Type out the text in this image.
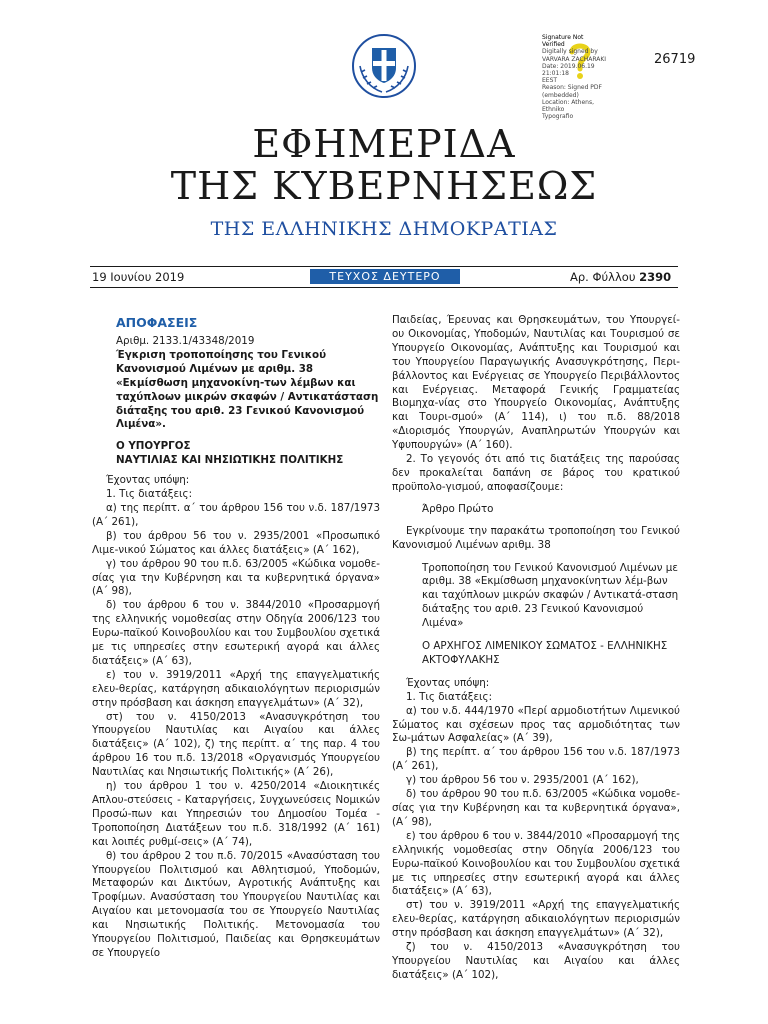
Signature Not
Verified
Digitally signed by
VARVARA ZACHARAKI
Date: 2019.06.19 21:01:18
EEST
Reason: Signed PDF
(embedded)
Location: Athens, Ethniko
Typografio
26719
ΕΦΗΜΕΡΙΔΑ
ΤΗΣ ΚΥΒΕΡΝΗΣΕΩΣ
ΤΗΣ ΕΛΛΗΝΙΚΗΣ ΔΗΜΟΚΡΑΤΙΑΣ
19 Ιουνίου 2019	ΤΕΥΧΟΣ ΔΕΥΤΕΡΟ	Αρ. Φύλλου 2390

ΑΠΟΦΑΣΕΙΣ

Αριθμ. 2133.1/43348/2019

Έγκριση τροποποίησης του Γενικού Κανονισμού Λιμένων με αριθμ. 38 «Εκμίσθωση μηχανοκίνη-των λέμβων και ταχύπλοων μικρών σκαφών / Αντικατάσταση διάταξης του αριθ. 23 Γενικού Κανονισμού Λιμένα».

Ο ΥΠΟΥΡΓΟΣ

ΝΑΥΤΙΛΙΑΣ ΚΑΙ ΝΗΣΙΩΤΙΚΗΣ ΠΟΛΙΤΙΚΗΣ

Έχοντας υπόψη:

1. Τις διατάξεις:

α) της περίπτ. α΄ του άρθρου 156 του ν.δ. 187/1973 (Α΄ 261),

β) του άρθρου 56 του ν. 2935/2001 «Προσωπικό Λιμε-νικού Σώματος και άλλες διατάξεις» (Α΄ 162),

γ) του άρθρου 90 του π.δ. 63/2005 «Κώδικα νομοθε-σίας για την Κυβέρνηση και τα κυβερνητικά όργανα» (Α΄ 98),

δ) του άρθρου 6 του ν. 3844/2010 «Προσαρμογή της ελληνικής νομοθεσίας στην Οδηγία 2006/123 του Ευρω-παϊκού Κοινοβουλίου και του Συμβουλίου σχετικά με τις υπηρεσίες στην εσωτερική αγορά και άλλες διατάξεις» (Α΄ 63),

ε) του ν. 3919/2011 «Αρχή της επαγγελματικής ελευ-θερίας, κατάργηση αδικαιολόγητων περιορισμών στην πρόσβαση και άσκηση επαγγελμάτων» (Α΄ 32),

στ) του ν. 4150/2013 «Ανασυγκρότηση του Υπουργείου Ναυτιλίας και Αιγαίου και άλλες διατάξεις» (Α΄ 102), ζ) της περίπτ. α΄ της παρ. 4 του άρθρου 16 του π.δ. 13/2018 «Οργανισμός Υπουργείου Ναυτιλίας και Νησιωτικής Πολιτικής» (Α΄ 26),

η) του άρθρου 1 του ν. 4250/2014 «Διοικητικές Απλου-στεύσεις - Καταργήσεις, Συγχωνεύσεις Νομικών Προσώ-πων και Υπηρεσιών του Δημοσίου Τομέα - Τροποποίηση Διατάξεων του π.δ. 318/1992 (Α΄ 161) και λοιπές ρυθμί-σεις» (Α΄ 74),

θ) του άρθρου 2 του π.δ. 70/2015 «Ανασύσταση του Υπουργείου Πολιτισμού και Αθλητισμού, Υποδομών, Μεταφορών και Δικτύων, Αγροτικής Ανάπτυξης και Τροφίμων. Ανασύσταση του Υπουργείου Ναυτιλίας και Αιγαίου και μετονομασία του σε Υπουργείο Ναυτιλίας και Νησιωτικής Πολιτικής. Μετονομασία του Υπουργείου Πολιτισμού, Παιδείας και Θρησκευμάτων σε Υπουργείο

Παιδείας, Έρευνας και Θρησκευμάτων, του Υπουργεί-ου Οικονομίας, Υποδομών, Ναυτιλίας και Τουρισμού σε Υπουργείο Οικονομίας, Ανάπτυξης και Τουρισμού και του Υπουργείου Παραγωγικής Ανασυγκρότησης, Περι-βάλλοντος και Ενέργειας σε Υπουργείο Περιβάλλοντος και Ενέργειας. Μεταφορά Γενικής Γραμματείας Βιομηχα-νίας στο Υπουργείο Οικονομίας, Ανάπτυξης και Τουρι-σμού» (Α΄ 114), ι) του π.δ. 88/2018 «Διορισμός Υπουργών, Αναπληρωτών Υπουργών και Υφυπουργών» (Α΄ 160).

2. Το γεγονός ότι από τις διατάξεις της παρούσας δεν προκαλείται δαπάνη σε βάρος του κρατικού προϋπολο-γισμού, αποφασίζουμε:

Άρθρο Πρώτο

Εγκρίνουμε την παρακάτω τροποποίηση του Γενικού Κανονισμού Λιμένων αριθμ. 38

Τροποποίηση του Γενικού Κανονισμού Λιμένων με αριθμ. 38 «Εκμίσθωση μηχανοκίνητων λέμ-βων και ταχύπλοων μικρών σκαφών / Αντικατά-σταση διάταξης του αριθ. 23 Γενικού Κανονισμού Λιμένα»

Ο ΑΡΧΗΓΟΣ ΛΙΜΕΝΙΚΟΥ ΣΩΜΑΤΟΣ - ΕΛΛΗΝΙΚΗΣ ΑΚΤΟΦΥΛΑΚΗΣ

Έχοντας υπόψη:

1. Τις διατάξεις:

α) του ν.δ. 444/1970 «Περί αρμοδιοτήτων Λιμενικού Σώματος και σχέσεων προς τας αρμοδιότητας των Σω-μάτων Ασφαλείας» (Α΄ 39),

β) της περίπτ. α΄ του άρθρου 156 του ν.δ. 187/1973 (Α΄ 261),

γ) του άρθρου 56 του ν. 2935/2001 (Α΄ 162),

δ) του άρθρου 90 του π.δ. 63/2005 «Κώδικα νομοθε-σίας για την Κυβέρνηση και τα κυβερνητικά όργανα», (Α΄ 98),

ε) του άρθρου 6 του ν. 3844/2010 «Προσαρμογή της ελληνικής νομοθεσίας στην Οδηγία 2006/123 του Ευρω-παϊκού Κοινοβουλίου και του Συμβουλίου σχετικά με τις υπηρεσίες στην εσωτερική αγορά και άλλες διατάξεις» (Α΄ 63),

στ) του ν. 3919/2011 «Αρχή της επαγγελματικής ελευ-θερίας, κατάργηση αδικαιολόγητων περιορισμών στην πρόσβαση και άσκηση επαγγελμάτων» (Α΄ 32),

ζ) του ν. 4150/2013 «Ανασυγκρότηση του Υπουργείου Ναυτιλίας και Αιγαίου και άλλες διατάξεις» (Α΄ 102),
